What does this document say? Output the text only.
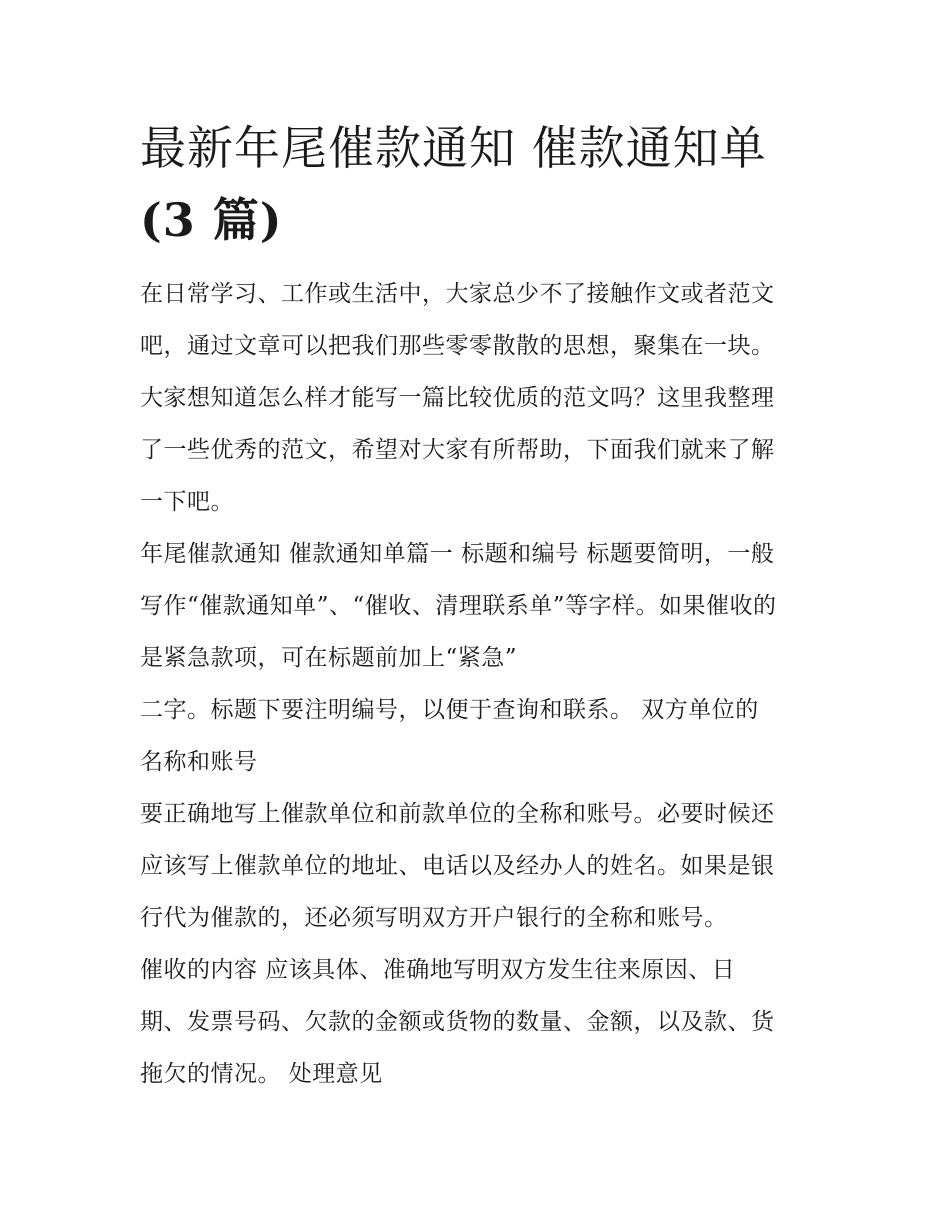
最新年尾催款通知 催款通知单
(3 篇)

在日常学习、工作或生活中，大家总少不了接触作文或者范文
吧，通过文章可以把我们那些零零散散的思想，聚集在一块。
大家想知道怎么样才能写一篇比较优质的范文吗？这里我整理
了一些优秀的范文，希望对大家有所帮助，下面我们就来了解
一下吧。

年尾催款通知 催款通知单篇一 标题和编号 标题要简明，一般
写作“催款通知单”、“催收、清理联系单”等字样。如果催收的
是紧急款项，可在标题前加上“紧急”

二字。标题下要注明编号，以便于查询和联系。 双方单位的
名称和账号

要正确地写上催款单位和前款单位的全称和账号。必要时候还
应该写上催款单位的地址、电话以及经办人的姓名。如果是银
行代为催款的，还必须写明双方开户银行的全称和账号。

催收的内容 应该具体、准确地写明双方发生往来原因、日
期、发票号码、欠款的金额或货物的数量、金额，以及款、货
拖欠的情况。 处理意见
